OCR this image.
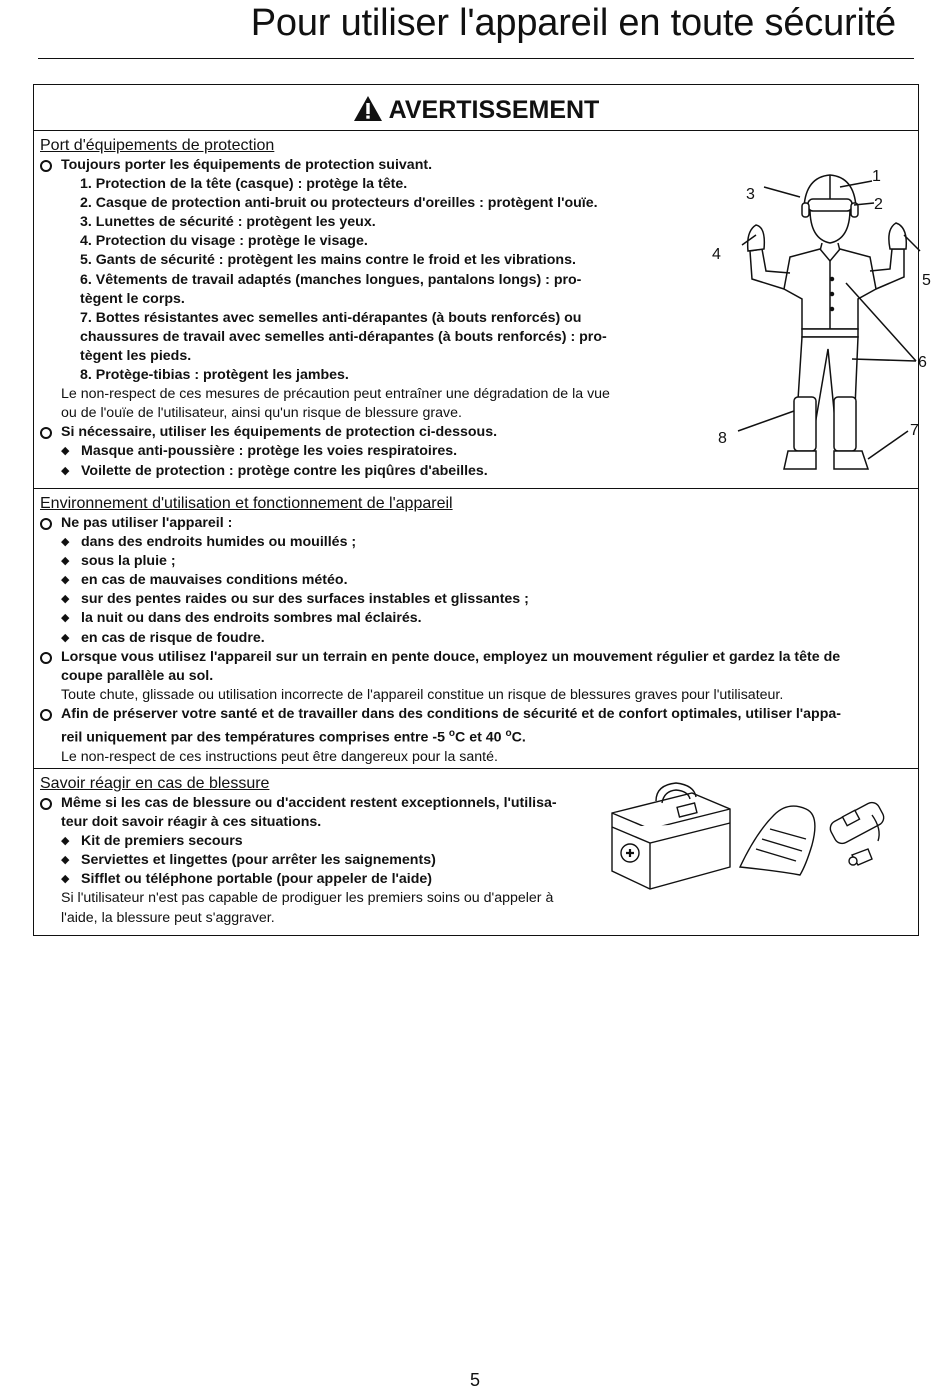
Pour utiliser l'appareil en toute sécurité
AVERTISSEMENT
Port d'équipements de protection
Toujours porter les équipements de protection suivant.
1. Protection de la tête (casque) : protège la tête.
2. Casque de protection anti-bruit ou protecteurs d'oreilles : protègent l'ouïe.
3. Lunettes de sécurité : protègent les yeux.
4. Protection du visage : protège le visage.
5. Gants de sécurité : protègent les mains contre le froid et les vibrations.
6. Vêtements de travail adaptés (manches longues, pantalons longs) : pro-
tègent le corps.
7. Bottes résistantes avec semelles anti-dérapantes (à bouts renforcés) ou
chaussures de travail avec semelles anti-dérapantes (à bouts renforcés) : pro-
tègent les pieds.
8. Protège-tibias : protègent les jambes.
Le non-respect de ces mesures de précaution peut entraîner une dégradation de la vue
ou de l'ouïe de l'utilisateur, ainsi qu'un risque de blessure grave.
Si nécessaire, utiliser les équipements de protection ci-dessous.
◆ Masque anti-poussière : protège les voies respiratoires.
◆ Voilette de protection : protège contre les piqûres d'abeilles.
1
2
3
4
5
6
7
8
Environnement d'utilisation et fonctionnement de l'appareil
Ne pas utiliser l'appareil :
◆ dans des endroits humides ou mouillés ;
◆ sous la pluie ;
◆ en cas de mauvaises conditions météo.
◆ sur des pentes raides ou sur des surfaces instables et glissantes ;
◆ la nuit ou dans des endroits sombres mal éclairés.
◆ en cas de risque de foudre.
Lorsque vous utilisez l'appareil sur un terrain en pente douce, employez un mouvement régulier et gardez la tête de
coupe parallèle au sol.
Toute chute, glissade ou utilisation incorrecte de l'appareil constitue un risque de blessures graves pour l'utilisateur.
Afin de préserver votre santé et de travailler dans des conditions de sécurité et de confort optimales, utiliser l'appa-
reil uniquement par des températures comprises entre -5 $^o$C et 40 $^o$C.
Le non-respect de ces instructions peut être dangereux pour la santé.
Savoir réagir en cas de blessure
Même si les cas de blessure ou d'accident restent exceptionnels, l'utilisa-
teur doit savoir réagir à ces situations.
◆ Kit de premiers secours
◆ Serviettes et lingettes (pour arrêter les saignements)
◆ Sifflet ou téléphone portable (pour appeler de l'aide)
Si l'utilisateur n'est pas capable de prodiguer les premiers soins ou d'appeler à
l'aide, la blessure peut s'aggraver.
5
